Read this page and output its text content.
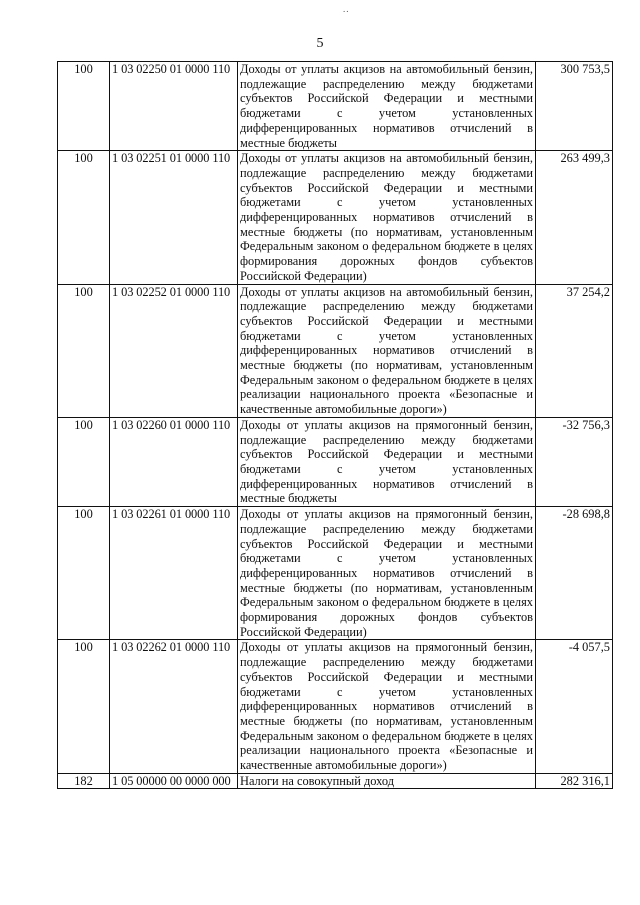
..
5
100	1 03 02250 01 0000 110	Доходы от уплаты акцизов на автомобильный бензин, подлежащие распределению между бюджетами субъектов Российской Федерации и местными бюджетами с учетом установленных дифференцированных нормативов отчислений в местные бюджеты	300 753,5
100	1 03 02251 01 0000 110	Доходы от уплаты акцизов на автомобильный бензин, подлежащие распределению между бюджетами субъектов Российской Федерации и местными бюджетами с учетом установленных дифференцированных нормативов отчислений в местные бюджеты (по нормативам, установленным Федеральным законом о федеральном бюджете в целях формирования дорожных фондов субъектов Российской Федерации)	263 499,3
100	1 03 02252 01 0000 110	Доходы от уплаты акцизов на автомобильный бензин, подлежащие распределению между бюджетами субъектов Российской Федерации и местными бюджетами с учетом установленных дифференцированных нормативов отчислений в местные бюджеты (по нормативам, установленным Федеральным законом о федеральном бюджете в целях реализации национального проекта «Безопасные и качественные автомобильные дороги»)	37 254,2
100	1 03 02260 01 0000 110	Доходы от уплаты акцизов на прямогонный бензин, подлежащие распределению между бюджетами субъектов Российской Федерации и местными бюджетами с учетом установленных дифференцированных нормативов отчислений в местные бюджеты	-32 756,3
100	1 03 02261 01 0000 110	Доходы от уплаты акцизов на прямогонный бензин, подлежащие распределению между бюджетами субъектов Российской Федерации и местными бюджетами с учетом установленных дифференцированных нормативов отчислений в местные бюджеты (по нормативам, установленным Федеральным законом о федеральном бюджете в целях формирования дорожных фондов субъектов Российской Федерации)	-28 698,8
100	1 03 02262 01 0000 110	Доходы от уплаты акцизов на прямогонный бензин, подлежащие распределению между бюджетами субъектов Российской Федерации и местными бюджетами с учетом установленных дифференцированных нормативов отчислений в местные бюджеты (по нормативам, установленным Федеральным законом о федеральном бюджете в целях реализации национального проекта «Безопасные и качественные автомобильные дороги»)	-4 057,5
182	1 05 00000 00 0000 000	Налоги на совокупный доход	282 316,1
